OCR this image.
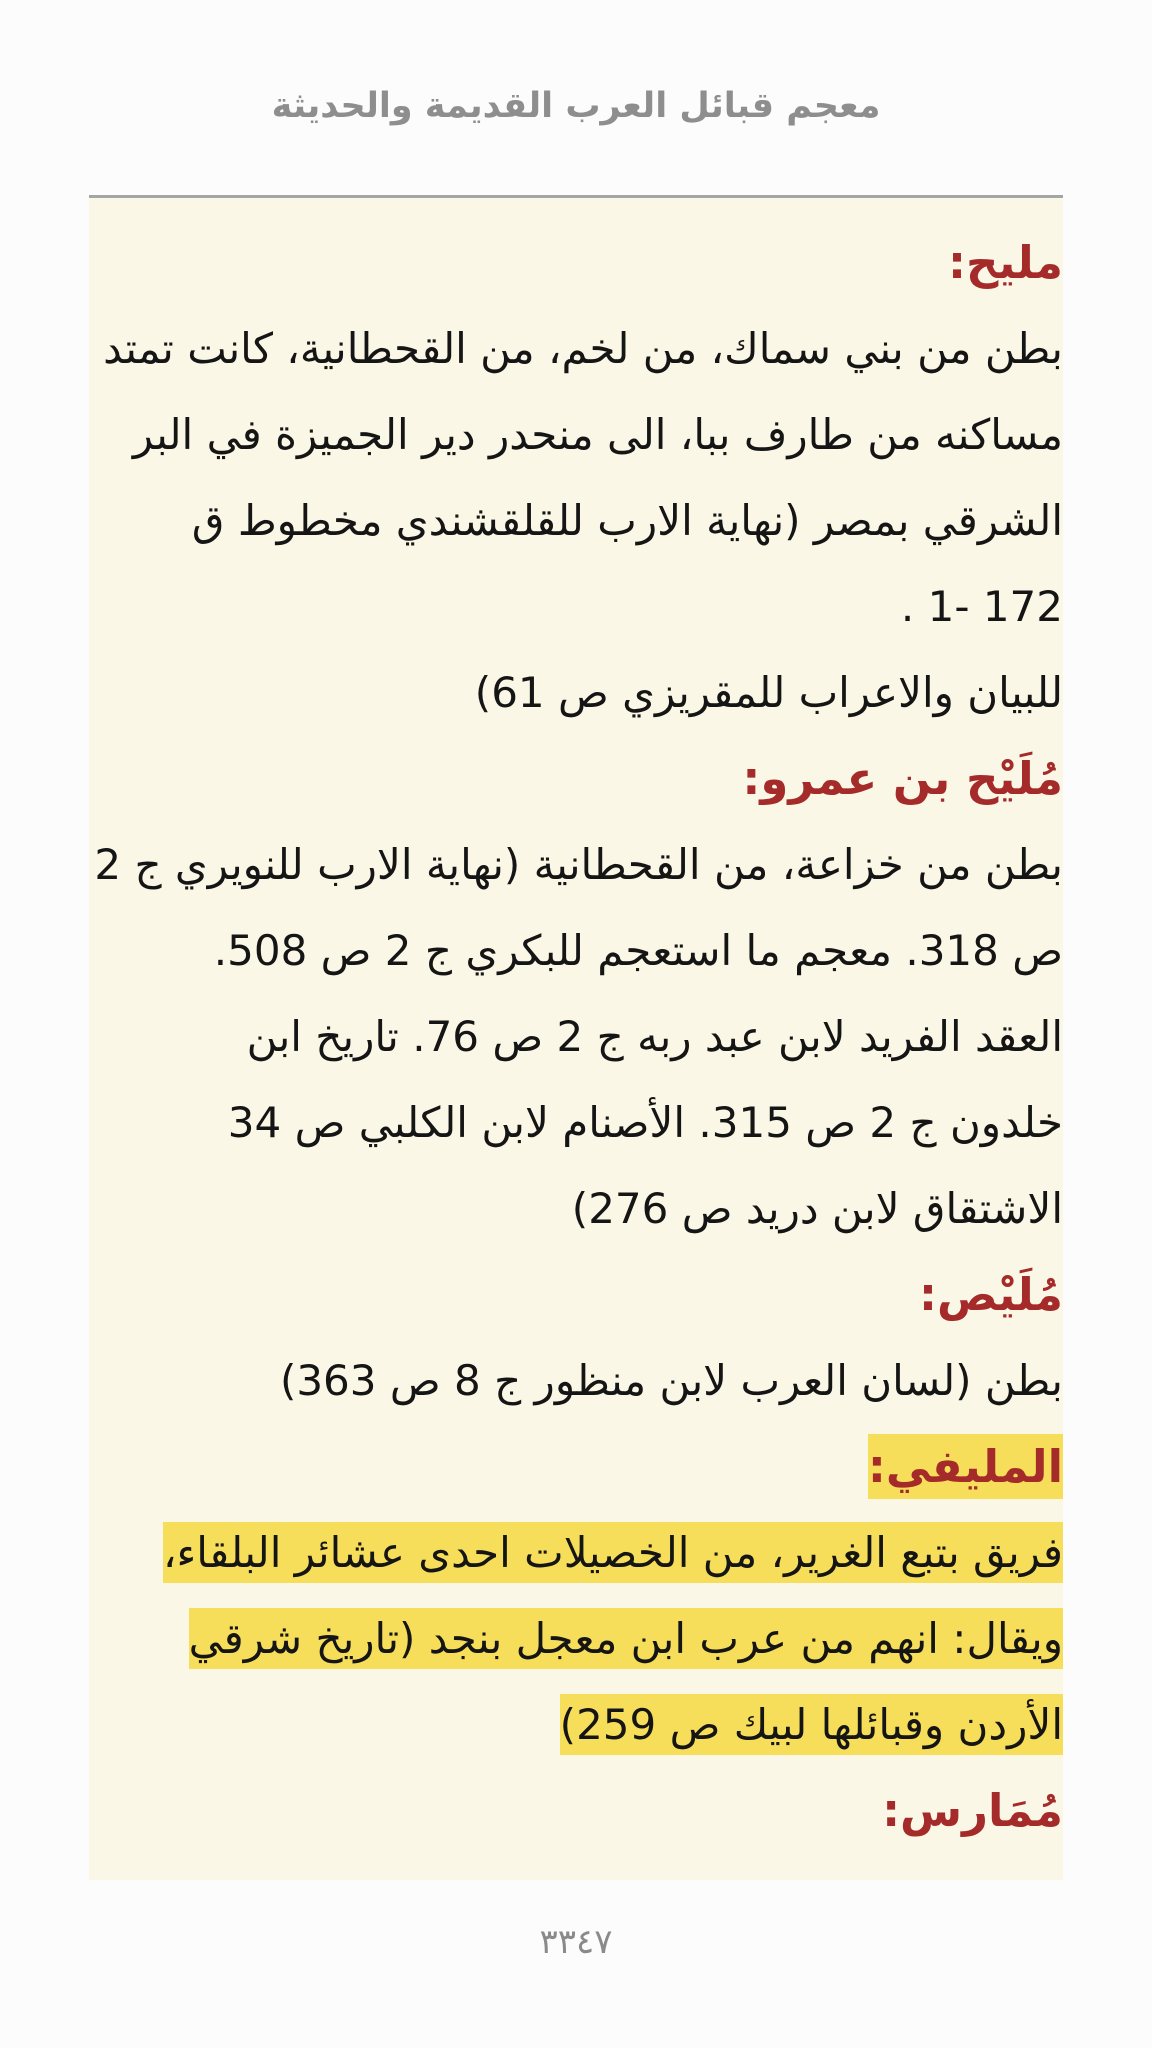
معجم قبائل العرب القديمة والحديثة
مليح:
بطن من بني سماك، من لخم، من القحطانية، كانت تمتد
مساكنه من طارف ببا، الى منحدر دير الجميزة في البر
الشرقي بمصر (نهاية الارب للقلقشندي مخطوط ق
172 -1 .
للبيان والاعراب للمقريزي ص 61)
مُلَيْح بن عمرو:
بطن من خزاعة، من القحطانية (نهاية الارب للنويري ج 2
ص 318. معجم ما استعجم للبكري ج 2 ص 508.
العقد الفريد لابن عبد ربه ج 2 ص 76. تاريخ ابن
خلدون ج 2 ص 315. الأصنام لابن الكلبي ص 34
الاشتقاق لابن دريد ص 276)
مُلَيْص:
بطن (لسان العرب لابن منظور ج 8 ص 363)
المليفي:
فريق بتبع الغرير، من الخصيلات احدى عشائر البلقاء،
ويقال: انهم من عرب ابن معجل بنجد (تاريخ شرقي
الأردن وقبائلها لبيك ص 259)
مُمَارس:
٣٣٤٧
